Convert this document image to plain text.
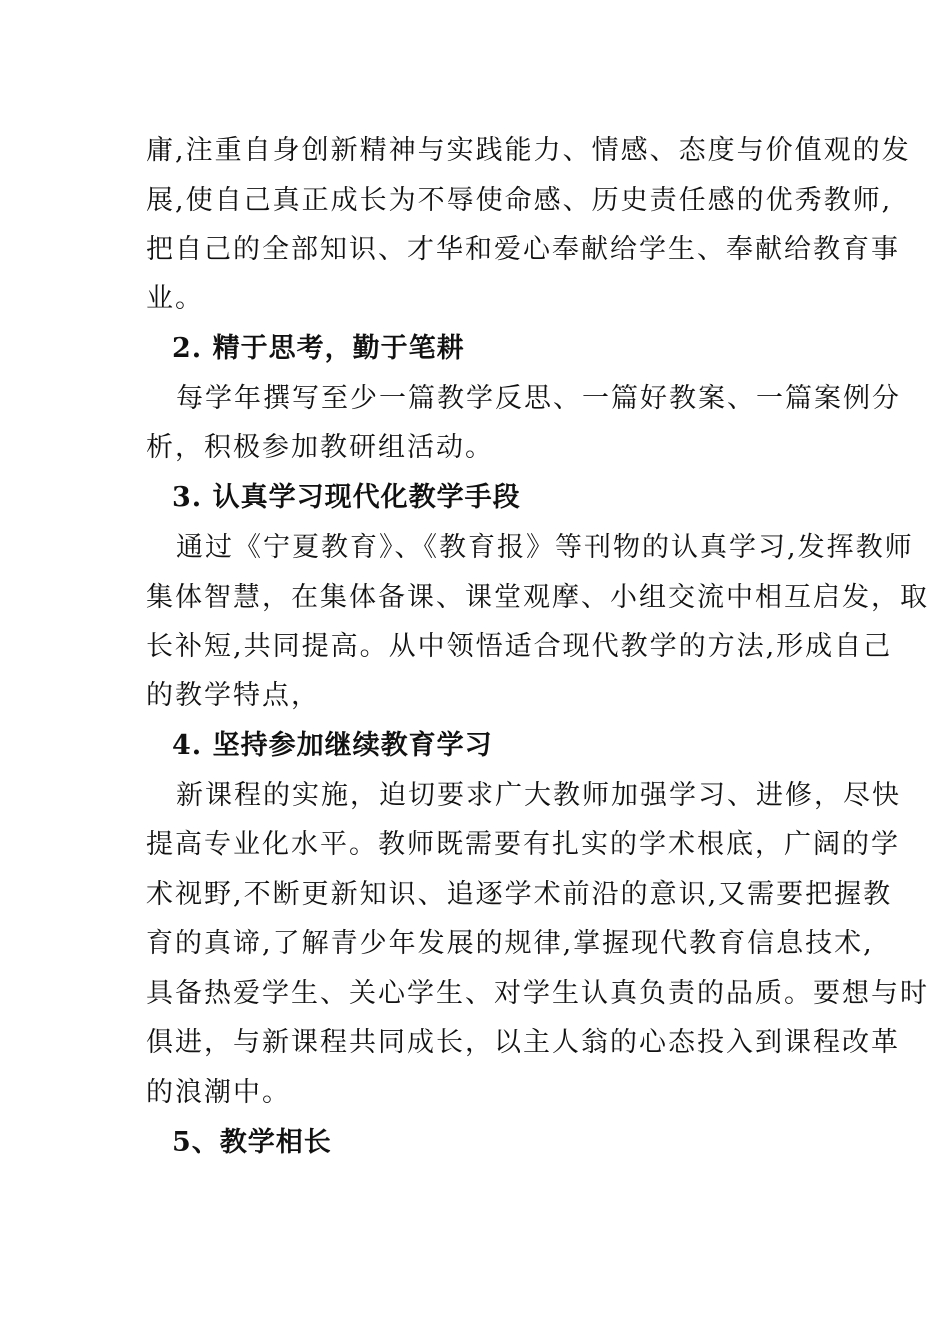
庸,注重自身创新精神与实践能力、情感、态度与价值观的发
展,使自己真正成长为不辱使命感、历史责任感的优秀教师,
把自己的全部知识、才华和爱心奉献给学生、奉献给教育事
业。
2. 精于思考，勤于笔耕
每学年撰写至少一篇教学反思、一篇好教案、一篇案例分
析，积极参加教研组活动。
3. 认真学习现代化教学手段
通过《宁夏教育》、《教育报》等刊物的认真学习,发挥教师
集体智慧，在集体备课、课堂观摩、小组交流中相互启发，取
长补短,共同提高。从中领悟适合现代教学的方法,形成自己
的教学特点，
4. 坚持参加继续教育学习
新课程的实施，迫切要求广大教师加强学习、进修，尽快
提高专业化水平。教师既需要有扎实的学术根底，广阔的学
术视野,不断更新知识、追逐学术前沿的意识,又需要把握教
育的真谛,了解青少年发展的规律,掌握现代教育信息技术,
具备热爱学生、关心学生、对学生认真负责的品质。要想与时
俱进，与新课程共同成长，以主人翁的心态投入到课程改革
的浪潮中。
5、教学相长
